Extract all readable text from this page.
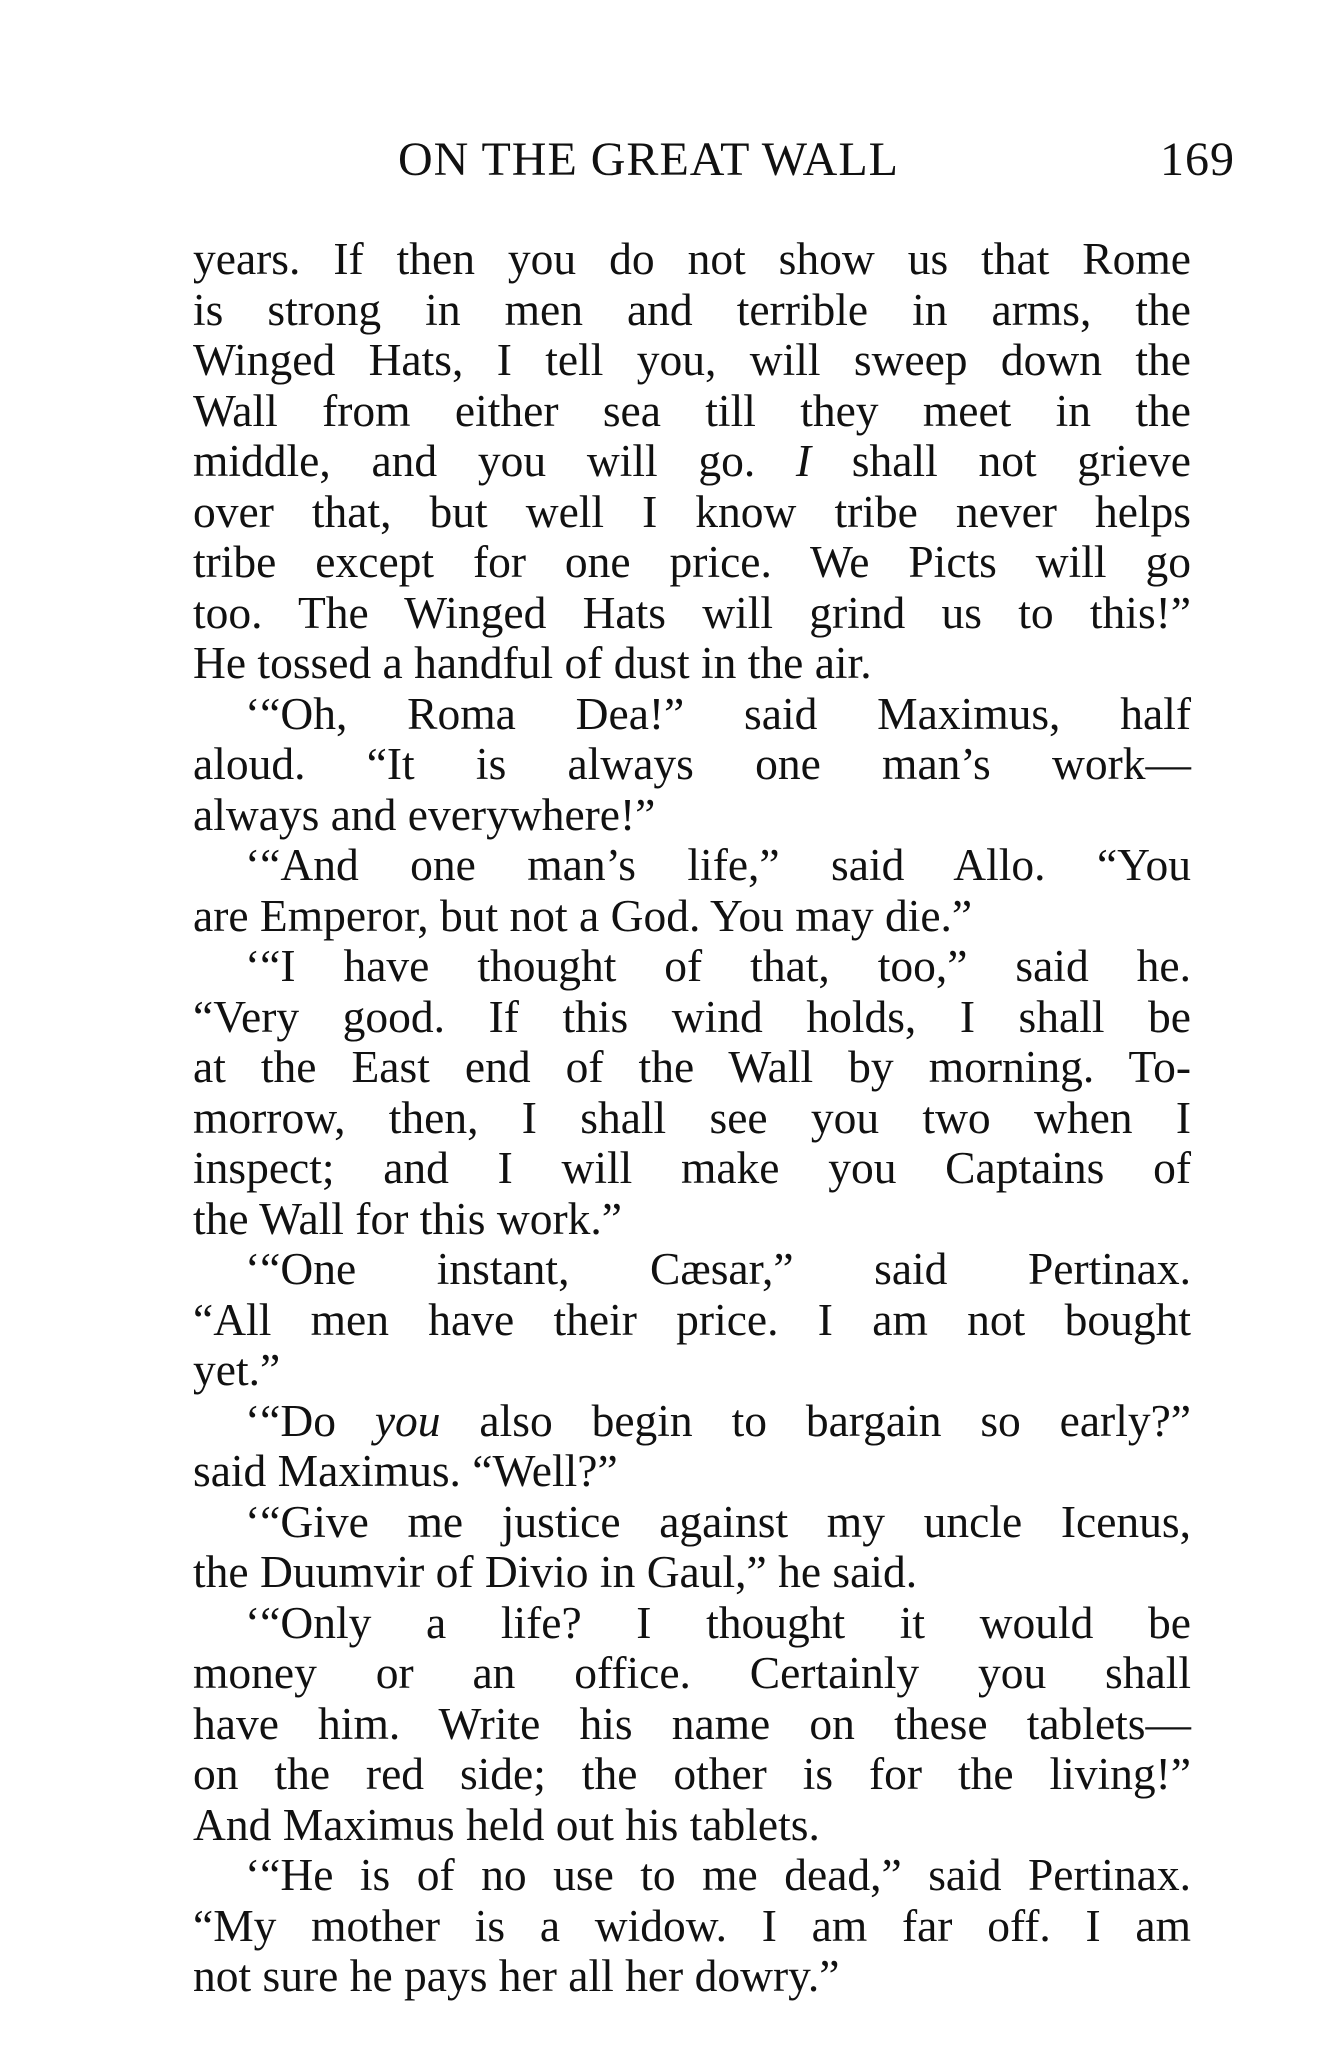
ON THE GREAT WALL	169
years. If then you do not show us that Rome
is strong in men and terrible in arms, the
Winged Hats, I tell you, will sweep down the
Wall from either sea till they meet in the
middle, and you will go. I shall not grieve
over that, but well I know tribe never helps
tribe except for one price. We Picts will go
too. The Winged Hats will grind us to this!”
He tossed a handful of dust in the air.
‘“Oh, Roma Dea!” said Maximus, half
aloud. “It is always one man’s work—
always and everywhere!”
‘“And one man’s life,” said Allo. “You
are Emperor, but not a God. You may die.”
‘“I have thought of that, too,” said he.
“Very good. If this wind holds, I shall be
at the East end of the Wall by morning. To-
morrow, then, I shall see you two when I
inspect; and I will make you Captains of
the Wall for this work.”
‘“One instant, Cæsar,” said Pertinax.
“All men have their price. I am not bought
yet.”
‘“Do you also begin to bargain so early?”
said Maximus. “Well?”
‘“Give me justice against my uncle Icenus,
the Duumvir of Divio in Gaul,” he said.
‘“Only a life? I thought it would be
money or an office. Certainly you shall
have him. Write his name on these tablets—
on the red side; the other is for the living!”
And Maximus held out his tablets.
‘“He is of no use to me dead,” said Pertinax.
“My mother is a widow. I am far off. I am
not sure he pays her all her dowry.”
